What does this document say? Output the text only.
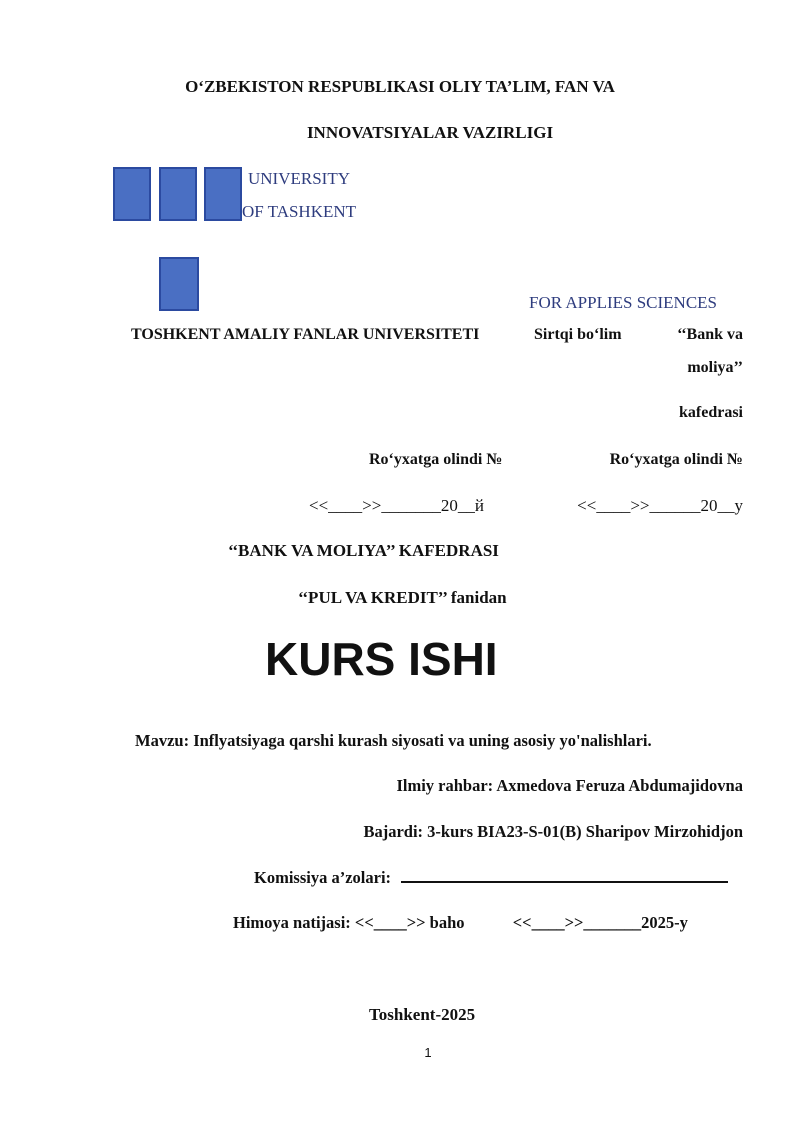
O‘ZBEKISTON RESPUBLIKASI OLIY TA’LIM, FAN VA
INNOVATSIYALAR VAZIRLIGI
UNIVERSITY
OF TASHKENT
FOR APPLIES SCIENCES
TOSHKENT AMALIY FANLAR UNIVERSITETI	Sirtqi bo‘lim	‘‘Bank va
moliya’’
kafedrasi
Ro‘yxatga olindi №	Ro‘yxatga olindi №
<<____>>_______20__й	<<____>>______20__y
‘‘BANK VA MOLIYA’’ KAFEDRASI
‘‘PUL VA KREDIT’’ fanidan
KURS ISHI
Mavzu: Inflyatsiyaga qarshi kurash siyosati va uning asosiy yo'nalishlari.
Ilmiy rahbar: Axmedova Feruza Abdumajidovna
Bajardi: 3-kurs BIA23-S-01(B) Sharipov Mirzohidjon
Komissiya a’zolari:
Himoya natijasi: <<____>> baho	<<____>>_______2025-y
Toshkent-2025
1
